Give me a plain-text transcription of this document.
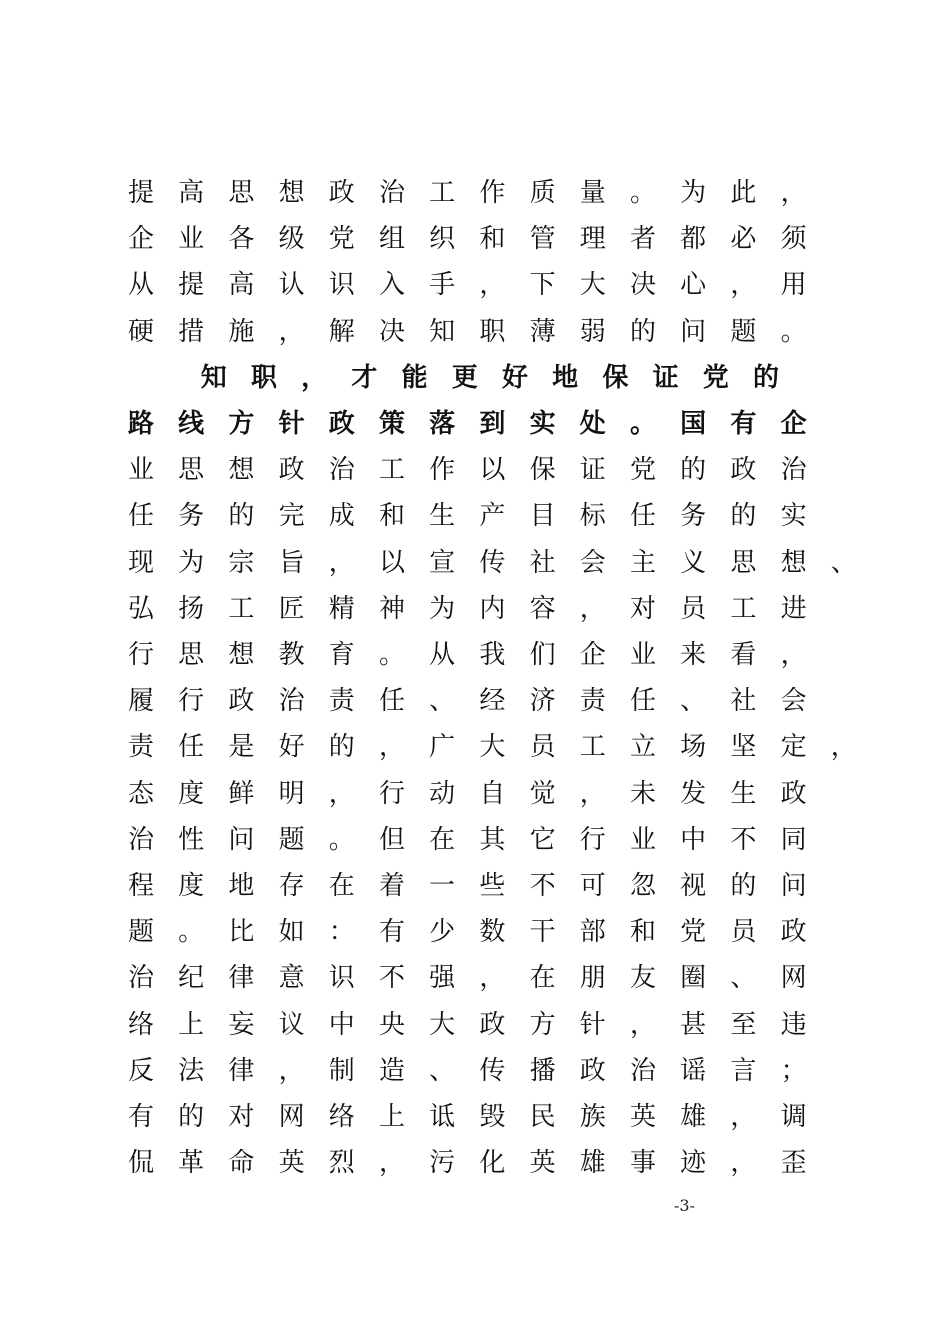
提 高 思 想 政 治 工 作 质 量 。 为 此 ，
企 业 各 级 党 组 织 和 管 理 者 都 必 须
从 提 高 认 识 入 手 ， 下 大 决 心 ， 用
硬 措 施 ， 解 决 知 职 薄 弱 的 问 题 。
知 职 ， 才 能 更 好 地 保 证 党 的
路 线 方 针 政 策 落 到 实 处 。 国 有 企
业 思 想 政 治 工 作 以 保 证 党 的 政 治
任 务 的 完 成 和 生 产 目 标 任 务 的 实
现 为 宗 旨 ， 以 宣 传 社 会 主 义 思 想 、
弘 扬 工 匠 精 神 为 内 容 ， 对 员 工 进
行 思 想 教 育 。 从 我 们 企 业 来 看 ，
履 行 政 治 责 任 、 经 济 责 任 、 社 会
责 任 是 好 的 ， 广 大 员 工 立 场 坚 定 ，
态 度 鲜 明 ， 行 动 自 觉 ， 未 发 生 政
治 性 问 题 。 但 在 其 它 行 业 中 不 同
程 度 地 存 在 着 一 些 不 可 忽 视 的 问
题 。 比 如 ： 有 少 数 干 部 和 党 员 政
治 纪 律 意 识 不 强 ， 在 朋 友 圈 、 网
络 上 妄 议 中 央 大 政 方 针 ， 甚 至 违
反 法 律 ， 制 造 、 传 播 政 治 谣 言 ；
有 的 对 网 络 上 诋 毁 民 族 英 雄 ， 调
侃 革 命 英 烈 ， 污 化 英 雄 事 迹 ， 歪
-3-
